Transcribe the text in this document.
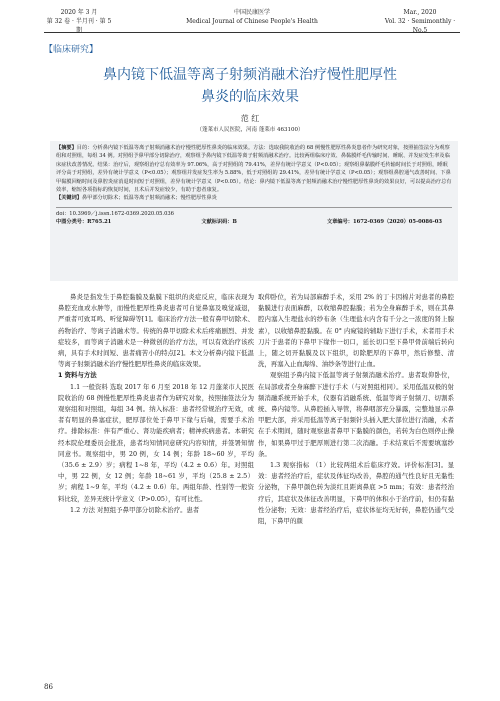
2020 年 3 月
第 32 卷 · 半月刊 · 第 5 期
中国民康医学
Medical Journal of Chinese People's Health
Mar., 2020
Vol. 32 · Semimonthly · No.5
【临床研究】
鼻内镜下低温等离子射频消融术治疗慢性肥厚性
鼻炎的临床效果
范 红
（蓬莱市人民医院，河南 蓬莱市 463100）

【摘要】目的：分析鼻内镜下低温等离子射频消融术治疗慢性肥厚性鼻炎的临床效果。方法：选取我院收治的 68 例慢性肥厚性鼻炎患者作为研究对象，按照抽签法分为观察组和对照组，每组 34 例。对照组予鼻甲部分切除治疗，观察组予鼻内镜下低温等离子射频消融术治疗。比较两组临床疗效、鼻黏膜纤毛传输时间、睡眠、并发症发生率及临床症状改善情况。结果：治疗后，观察组治疗总有效率为 97.06%，高于对照组的 79.41%，差异有统计学意义（P<0.05）；观察组鼻黏膜纤毛传输时间长于对照组，睡眠评分高于对照组，差异有统计学意义（P<0.05）；观察组并发症发生率为 5.88%，低于对照组的 29.41%，差异有统计学意义（P<0.05）；观察组鼻腔通气改善时间、下鼻甲黏膜回缩时间及鼻腔炎症消退时间短于对照组，差异有统计学意义（P<0.05）。结论：鼻内镜下低温等离子射频消融术治疗慢性肥厚性鼻炎的效果良好，可以提高治疗总有效率，缩短各项指标的恢复时间，且术后并发症较少，有助于患者康复。

【关键词】鼻甲部分切除术；低温等离子射频消融术；慢性肥厚性鼻炎

doi：10.3969／j.issn.1672-0369.2020.05.036

中图分类号：R765.21	文献标识码：B	文章编号：1672-0369（2020）05-0086-03

鼻炎是指发生于鼻腔黏膜及黏膜下组织的炎症反应，临床表现为鼻腔充血或水肿等，而慢性肥厚性鼻炎患者可自觉鼻塞及嗅觉减退，严重者可致耳鸣、听觉障碍等[1]。临床治疗方法一般有鼻甲切除术、药物治疗、等离子消融术等。传统的鼻甲切除术术后疼痛剧烈、并发症较多，而等离子消融术是一种微创的治疗方法，可以有效治疗该疾病，具有手术时间短、患者痛苦小的特点[2]。本文分析鼻内镜下低温等离子射频消融术治疗慢性肥厚性鼻炎的临床效果。

1 资料与方法

1.1 一般资料 选取 2017 年 6 月至 2018 年 12 月蓬莱市人民医院收治的 68 例慢性肥厚性鼻炎患者作为研究对象，按照抽签法分为观察组和对照组，每组 34 例。纳入标准：患者经常规治疗无效，或者有明显的鼻塞症状，肥厚部位处于鼻甲下缘与后端，需要手术治疗。排除标准：伴有严重心、肾功能疾病者；精神疾病患者。本研究经本院伦理委员会批准，患者均知情同意研究内容知情，并签署知情同意书。观察组中，男 20 例，女 14 例；年龄 18~60 岁，平均（35.6 ± 2.9）岁；病程 1~8 年，平均（4.2 ± 0.6）年。对照组中，男 22 例，女 12 例；年龄 18~61 岁，平均（25.8 ± 2.5）岁；病程 1~9 年，平均（4.2 ± 0.6）年。两组年龄、性别等一般资料比较，差异无统计学意义（P>0.05），有可比性。

1.2 方法 对照组予鼻甲部分切除术治疗。患者

取仰卧位，若为局部麻醉手术，采用 2% 的丁卡因棉片对患者的鼻腔黏膜进行表面麻醉，以收缩鼻腔黏膜；若为全身麻醉手术，则在其鼻腔内塞入生理盐水的纱布条（生理盐水内含有千分之一浓度的肾上腺素），以收缩鼻腔黏膜。在 0° 内窥镜的辅助下进行手术，术者用手术刀片于患者的下鼻甲下缘作一切口，延长切口至下鼻甲骨前端后转向上，随之切开黏膜及以下组织，切除肥厚的下鼻甲，然后修整、清洗，再塞入止血海绵、油纱条等进行止血。

观察组予鼻内镜下低温等离子射频消融术治疗。患者取仰卧位，在局部或者全身麻醉下进行手术（与对照组相同）。采用低温双极的射频消融系统开始手术，仪器有消融系统、低温等离子射频刀、切割系统、鼻内镜等。从鼻腔插入导管，将鼻咽部充分暴露，完整地显示鼻甲肥大部，并采用低温等离子射频针头插入肥大部位进行消融，术者在手术期间，随时观察患者鼻甲下黏膜的颜色，若转为白色则停止操作，如果鼻甲过于肥厚则进行第二次消融。手术结束后不需要填塞纱条。

1.3 观察指标 （1）比较两组术后临床疗效。评价标准[3]。显效：患者经治疗后，症状及体征均改善，鼻腔的通气性良好且无黏性分泌物，下鼻甲颜色转为淡红且距离鼻底 >5 mm；有效：患者经治疗后，其症状及体征改善明显，下鼻甲的体积小于治疗前，但仍有黏性分泌物；无效：患者经治疗后，症状体征均无好转，鼻腔仍通气受阻，下鼻甲的颜

86
